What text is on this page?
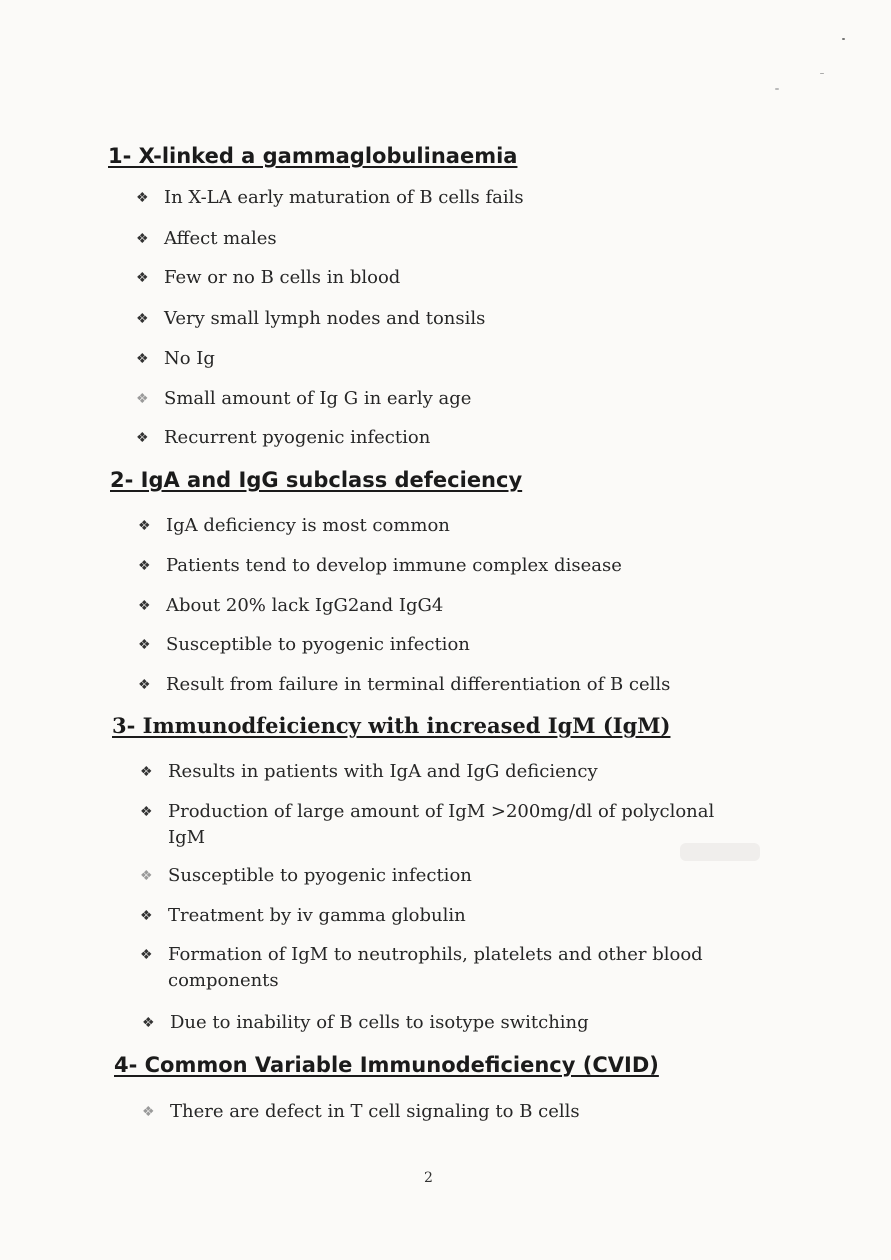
1- X-linked a gammaglobulinaemia
❖ In X-LA early maturation of B cells fails
❖ Affect males
❖ Few or no B cells in blood
❖ Very small lymph nodes and tonsils
❖ No Ig
❖ Small amount of Ig G in early age
❖ Recurrent pyogenic infection
2- IgA and IgG subclass defeciency
❖ IgA deficiency is most common
❖ Patients tend to develop immune complex disease
❖ About 20% lack IgG2and IgG4
❖ Susceptible to pyogenic infection
❖ Result from failure in terminal differentiation of B cells
3- Immunodfeiciency with increased IgM (IgM)
❖ Results in patients with IgA and IgG deficiency
❖ Production of large amount of IgM >200mg/dl of polyclonal IgM
❖ Susceptible to pyogenic infection
❖ Treatment by iv gamma globulin
❖ Formation of IgM to neutrophils, platelets and other blood components
❖ Due to inability of B cells to isotype switching
4- Common Variable Immunodeficiency (CVID)
❖ There are defect in T cell signaling to B cells
2
